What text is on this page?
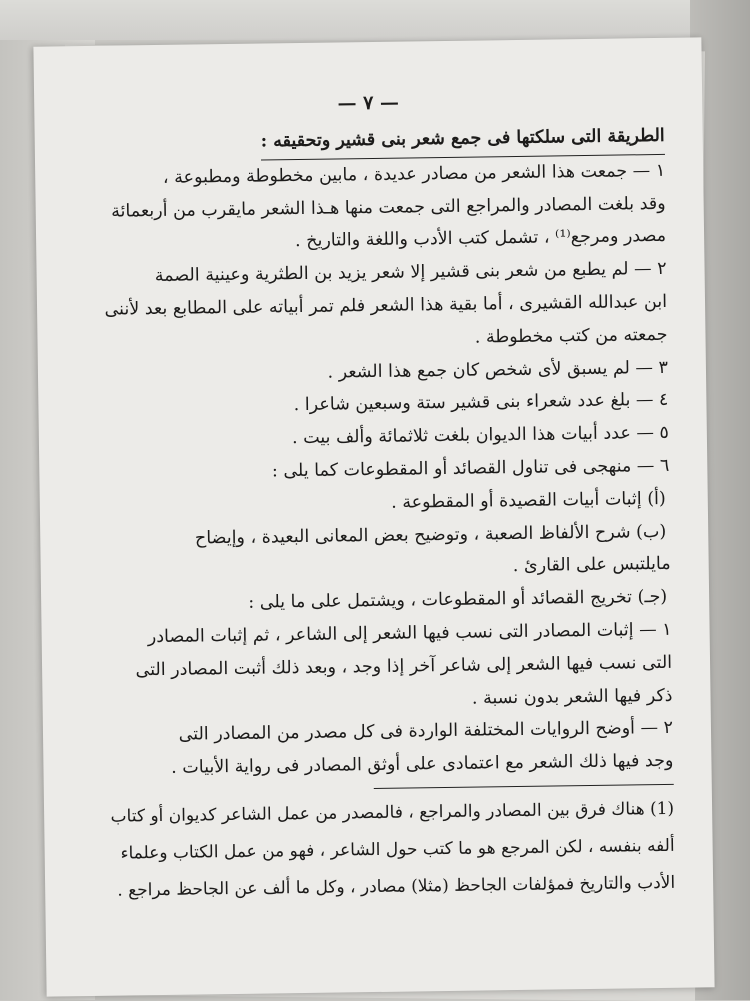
— ٧ —
الطريقة التى سلكتها فى جمع شعر بنى قشير وتحقيقه :
١ — جمعت هذا الشعر من مصادر عديدة ، مابين مخطوطة ومطبوعة ،
وقد بلغت المصادر والمراجع التى جمعت منها هـذا الشعر مايقرب من أربعمائة
مصدر ومرجع⁽¹⁾ ، تشمل كتب الأدب واللغة والتاريخ .
٢ — لم يطبع من شعر بنى قشير إلا شعر يزيد بن الطثرية وعينية الصمة
ابن عبدالله القشيرى ، أما بقية هذا الشعر فلم تمر أبياته على المطابع بعد لأننى
جمعته من كتب مخطوطة .
٣ — لم يسبق لأى شخص كان جمع هذا الشعر .
٤ — بلغ عدد شعراء بنى قشير ستة وسبعين شاعرا .
٥ — عدد أبيات هذا الديوان بلغت ثلاثمائة وألف بيت .
٦ — منهجى فى تناول القصائد أو المقطوعات كما يلى :
(أ) إثبات أبيات القصيدة أو المقطوعة .
(ب) شرح الألفاظ الصعبة ، وتوضيح بعض المعانى البعيدة ، وإيضاح
مايلتبس على القارئ .
(جـ) تخريج القصائد أو المقطوعات ، ويشتمل على ما يلى :
١ — إثبات المصادر التى نسب فيها الشعر إلى الشاعر ، ثم إثبات المصادر
التى نسب فيها الشعر إلى شاعر آخر إذا وجد ، وبعد ذلك أثبت المصادر التى
ذكر فيها الشعر بدون نسبة .
٢ — أوضح الروايات المختلفة الواردة فى كل مصدر من المصادر التى
وجد فيها ذلك الشعر مع اعتمادى على أوثق المصادر فى رواية الأبيات .
(1) هناك فرق بين المصادر والمراجع ، فالمصدر من عمل الشاعر كديوان أو كتاب
ألفه بنفسه ، لكن المرجع هو ما كتب حول الشاعر ، فهو من عمل الكتاب وعلماء
الأدب والتاريخ فمؤلفات الجاحظ (مثلا) مصادر ، وكل ما ألف عن الجاحظ مراجع .
